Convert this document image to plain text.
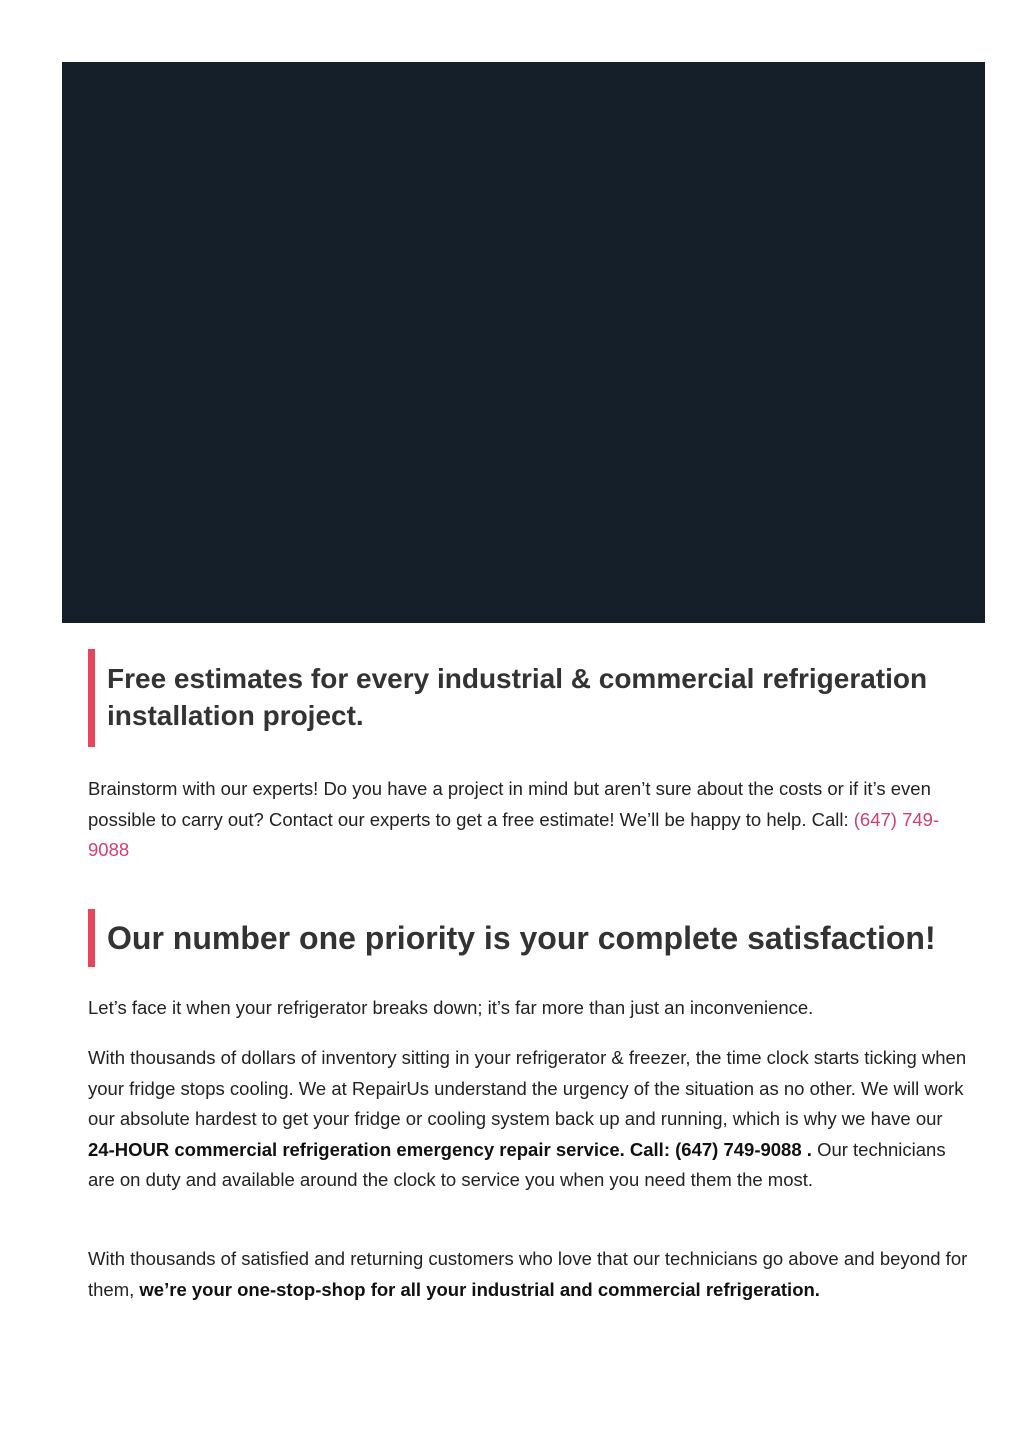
Free estimates for every industrial & commercial refrigeration installation project.

Brainstorm with our experts! Do you have a project in mind but aren’t sure about the costs or if it’s even possible to carry out? Contact our experts to get a free estimate! We’ll be happy to help. Call: (647) 749-9088

Our number one priority is your complete satisfaction!

Let’s face it when your refrigerator breaks down; it’s far more than just an inconvenience.

With thousands of dollars of inventory sitting in your refrigerator & freezer, the time clock starts ticking when your fridge stops cooling. We at RepairUs understand the urgency of the situation as no other. We will work our absolute hardest to get your fridge or cooling system back up and running, which is why we have our 24-HOUR commercial refrigeration emergency repair service. Call: (647) 749-9088 . Our technicians are on duty and available around the clock to service you when you need them the most.

With thousands of satisfied and returning customers who love that our technicians go above and beyond for them, we’re your one-stop-shop for all your industrial and commercial refrigeration.
